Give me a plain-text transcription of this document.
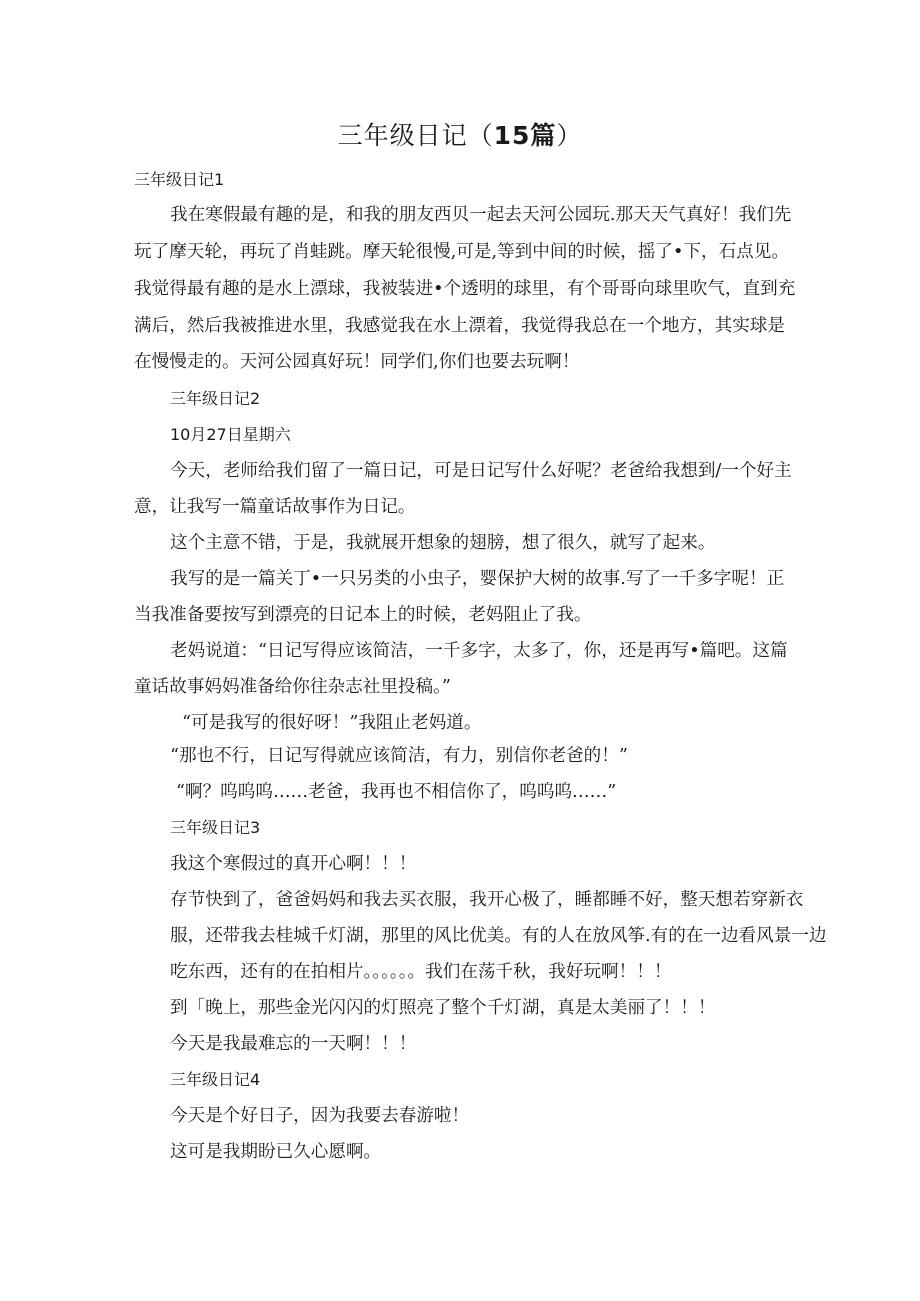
三年级日记（15篇）
三年级日记1
我在寒假最有趣的是，和我的朋友西贝一起去天河公园玩.那天天气真好！我们先
玩了摩天轮，再玩了肖蛙跳。摩天轮很慢,可是,等到中间的时候，摇了•下，石点见。
我觉得最有趣的是水上漂球，我被装进•个透明的球里，有个哥哥向球里吹气，直到充
满后，然后我被推进水里，我感觉我在水上漂着，我觉得我总在一个地方，其实球是
在慢慢走的。天河公园真好玩！同学们,你们也要去玩啊！
三年级日记2
10月27日星期六
今天，老师给我们留了一篇日记，可是日记写什么好呢？老爸给我想到/一个好主
意，让我写一篇童话故事作为日记。
这个主意不错，于是，我就展开想象的翅膀，想了很久，就写了起来。
我写的是一篇关丁•一只另类的小虫子，婴保护大树的故事.写了一千多字呢！正
当我准备要按写到漂亮的日记本上的时候，老妈阻止了我。
老妈说道：“日记写得应该简洁，一千多字，太多了，你，还是再写•篇吧。这篇
童话故事妈妈准备给你往杂志社里投稿。”
“可是我写的很好呀！”我阻止老妈道。
“那也不行，日记写得就应该简洁，有力，别信你老爸的！”
“啊？呜呜呜……老爸，我再也不相信你了，呜呜呜……”
三年级日记3
我这个寒假过的真开心啊！！！
存节快到了，爸爸妈妈和我去买衣服，我开心极了，睡都睡不好，整天想若穿新衣
服，还带我去桂城千灯湖，那里的风比优美。有的人在放风筝.有的在一边看风景一边
吃东西，还有的在拍相片。。。。。。我们在荡千秋，我好玩啊！！！
到「晚上，那些金光闪闪的灯照亮了整个千灯湖，真是太美丽了！！！
今天是我最难忘的一天啊！！！
三年级日记4
今天是个好日子，因为我要去春游啦！
这可是我期盼已久心愿啊。
